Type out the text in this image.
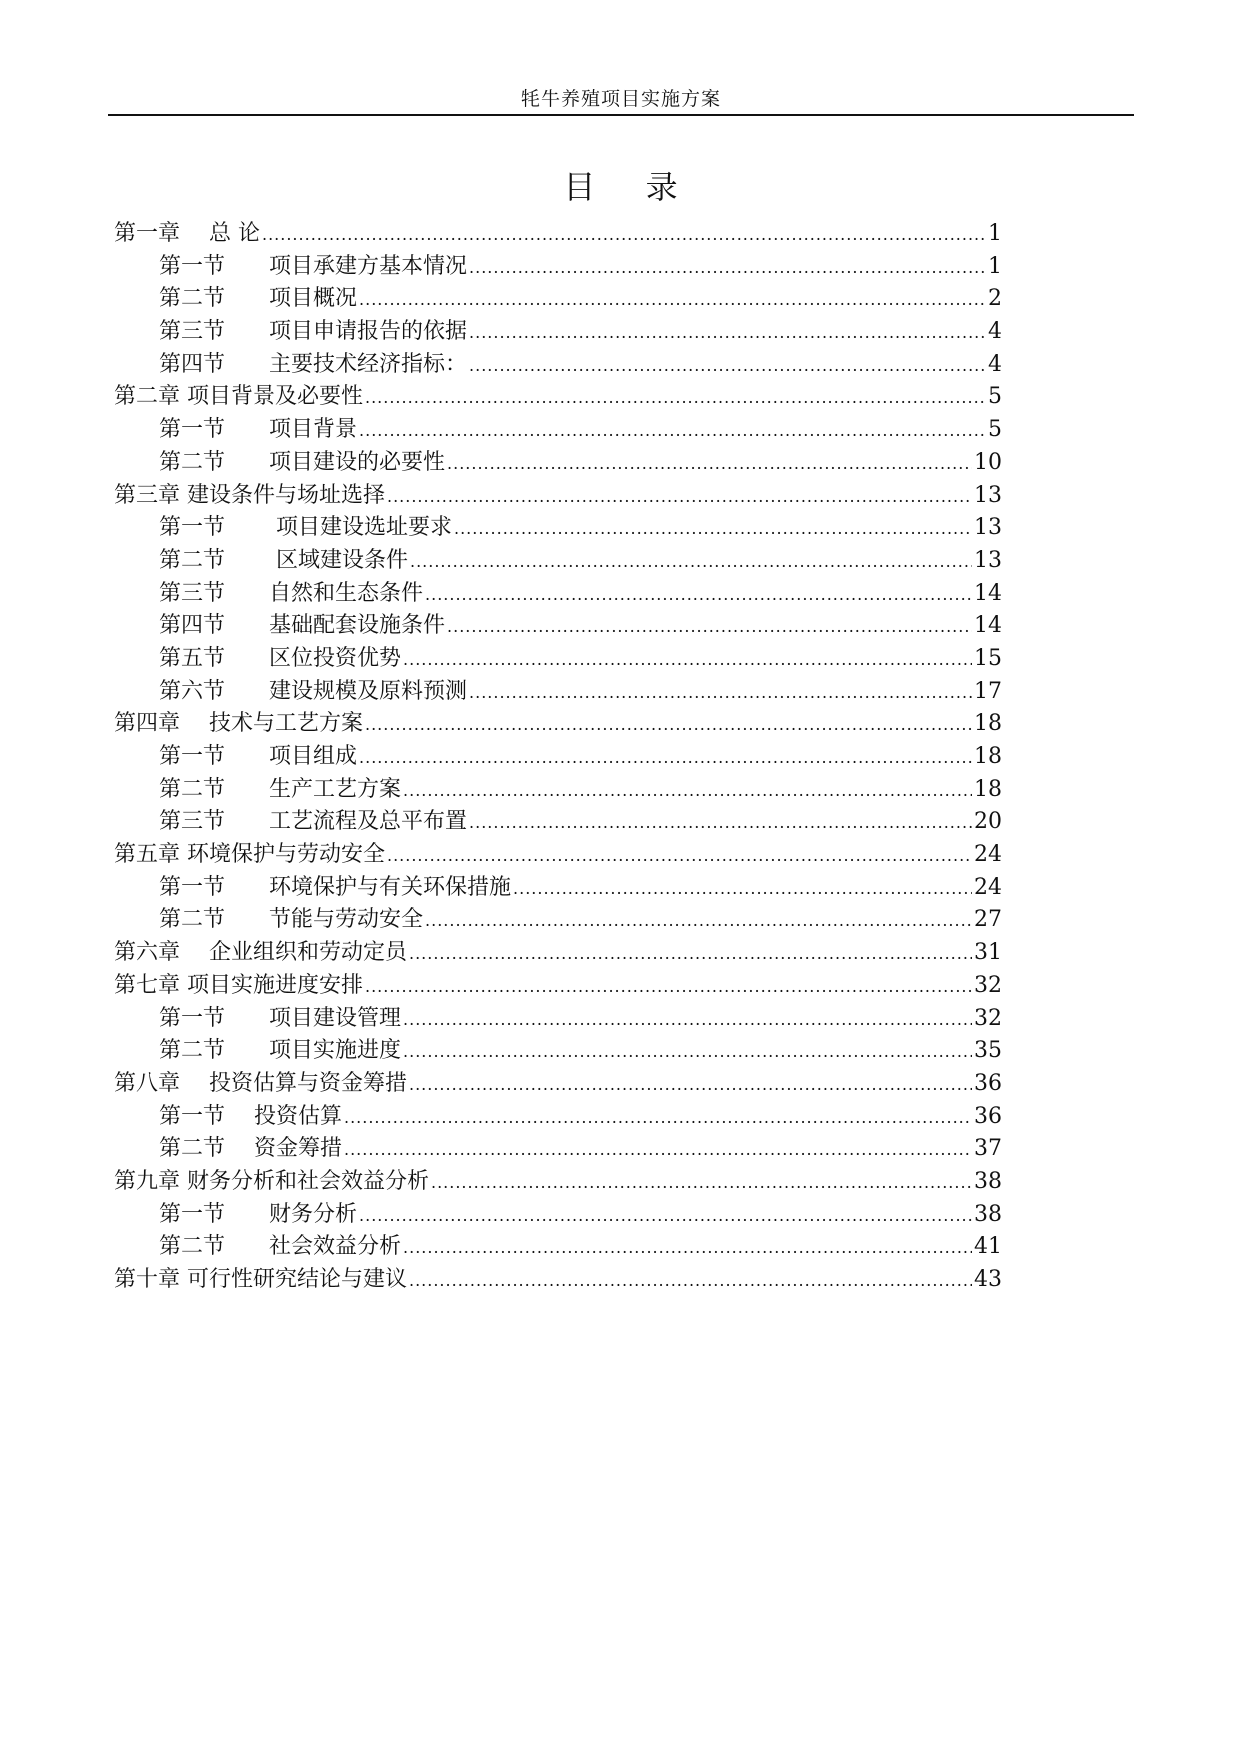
牦牛养殖项目实施方案
目 录
第一章　 总 论 .....	1
第一节　　项目承建方基本情况 .....	1
第二节　　项目概况 .....	2
第三节　　项目申请报告的依据 .....	4
第四节　　主要技术经济指标： .....	4
第二章 项目背景及必要性 .....	5
第一节　　项目背景 .....	5
第二节　　项目建设的必要性 .....	10
第三章 建设条件与场址选择 .....	13
第一节　　 项目建设选址要求 .....	13
第二节　　 区域建设条件 .....	13
第三节　　自然和生态条件 .....	14
第四节　　基础配套设施条件 .....	14
第五节　　区位投资优势 .....	15
第六节　　建设规模及原料预测 .....	17
第四章　 技术与工艺方案 .....	18
第一节　　项目组成 .....	18
第二节　　生产工艺方案 .....	18
第三节　　工艺流程及总平布置 .....	20
第五章 环境保护与劳动安全 .....	24
第一节　　环境保护与有关环保措施 .....	24
第二节　　节能与劳动安全 .....	27
第六章　 企业组织和劳动定员 .....	31
第七章 项目实施进度安排 .....	32
第一节　　项目建设管理 .....	32
第二节　　项目实施进度 .....	35
第八章　 投资估算与资金筹措 .....	36
第一节　 投资估算 .....	36
第二节　 资金筹措 .....	37
第九章 财务分析和社会效益分析 .....	38
第一节　　财务分析 .....	38
第二节　　社会效益分析 .....	41
第十章 可行性研究结论与建议 .....	43
